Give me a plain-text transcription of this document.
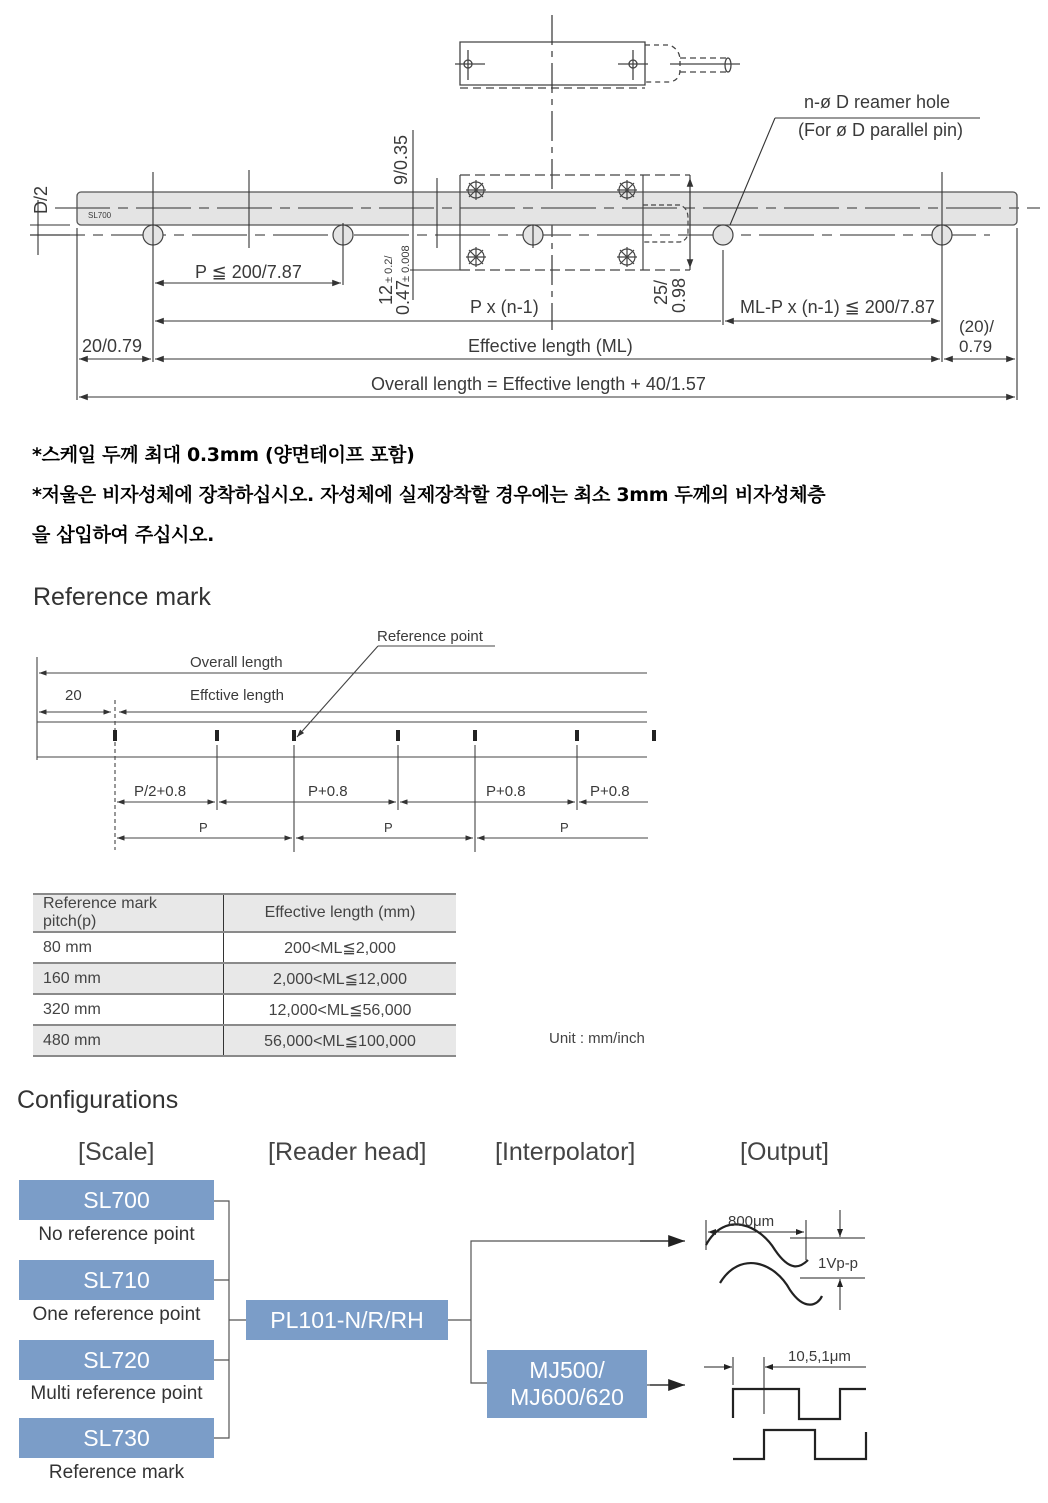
SL700
D/2
9/0.35
12
± 0.2/
0.47
± 0.008
25/
0.98
P ≦ 200/7.87
P x (n-1)	ML-P x (n-1) ≦ 200/7.87
20/0.79
(20)/
0.79
Effective length (ML)
Overall length = Effective length + 40/1.57
n-ø D reamer hole
(For ø D parallel pin)
*스케일 두께 최대 0.3mm (양면테이프 포함)
*저울은 비자성체에 장착하십시오. 자성체에 실제장착할 경우에는 최소 3mm 두께의 비자성체층
을 삽입하여 주십시오.
Reference mark
Reference point
Overall length
Effctive length
20
P/2+0.8	P+0.8	P+0.8	P+0.8
P	P	P
Reference mark pitch(p)	Effective length (mm)
80 mm	200<ML≦2,000
160 mm	2,000<ML≦12,000
320 mm	12,000<ML≦56,000
480 mm	56,000<ML≦100,000	Unit : mm/inch
Configurations
[Scale]	[Reader head]	[Interpolator]	[Output]
800μm
1Vp-p
10,5,1μm
SL700
No reference point
SL710
One reference point
SL720
Multi reference point
SL730
Reference mark
PL101-N/R/RH
MJ500/
MJ600/620
